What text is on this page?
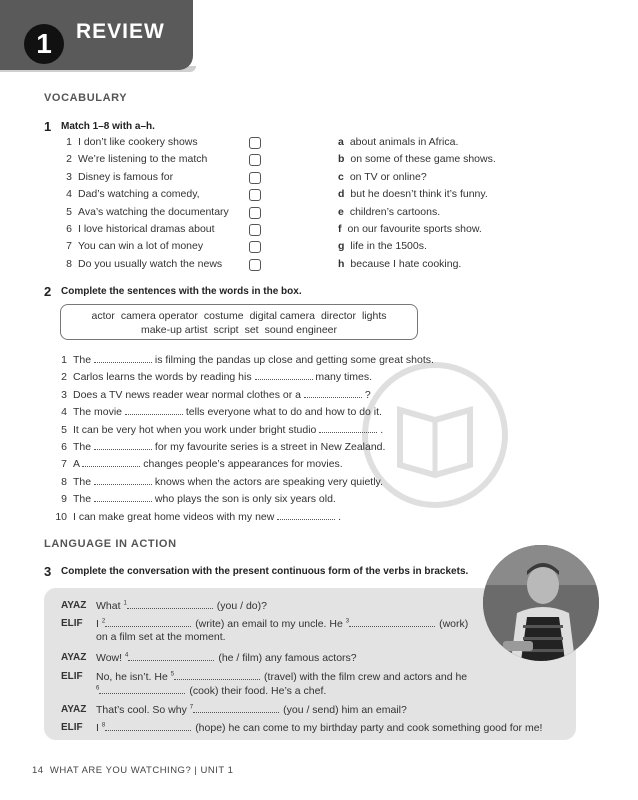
1	REVIEW
VOCABULARY
1 Match 1–8 with a–h.
1 I don’t like cookery shows
2 We’re listening to the match
3 Disney is famous for
4 Dad’s watching a comedy,
5 Ava’s watching the documentary
6 I love historical dramas about
7 You can win a lot of money
8 Do you usually watch the news
a about animals in Africa.
b on some of these game shows.
c on TV or online?
d but he doesn’t think it’s funny.
e children’s cartoons.
f on our favourite sports show.
g life in the 1500s.
h because I hate cooking.
2 Complete the sentences with the words in the box.
actor camera operator costume digital camera director lights
make-up artist script set sound engineer
1 The	is filming the pandas up close and getting some great shots.
2 Carlos learns the words by reading his	many times.
3 Does a TV news reader wear normal clothes or a	?
4 The movie	tells everyone what to do and how to do it.
5 It can be very hot when you work under bright studio	.
6 The	for my favourite series is a street in New Zealand.
7 A	changes people’s appearances for movies.
8 The	knows when the actors are speaking very quietly.
9 The	who plays the son is only six years old.
10 I can make great home videos with my new	.
LANGUAGE IN ACTION
3 Complete the conversation with the present continuous form of the verbs in brackets.
AYAZ What $^1$	(you / do)?
ELIF I $^2$	(write) an email to my uncle. He $^3$	(work)
on a film set at the moment.
AYAZ Wow! $^4$	(he / film) any famous actors?
ELIF No, he isn’t. He $^5$	(travel) with the film crew and actors and he
$^6$	(cook) their food. He’s a chef.
AYAZ That’s cool. So why $^7$	(you / send) him an email?
ELIF I $^8$	(hope) he can come to my birthday party and cook something good for me!
14 WHAT ARE YOU WATCHING? | UNIT 1
